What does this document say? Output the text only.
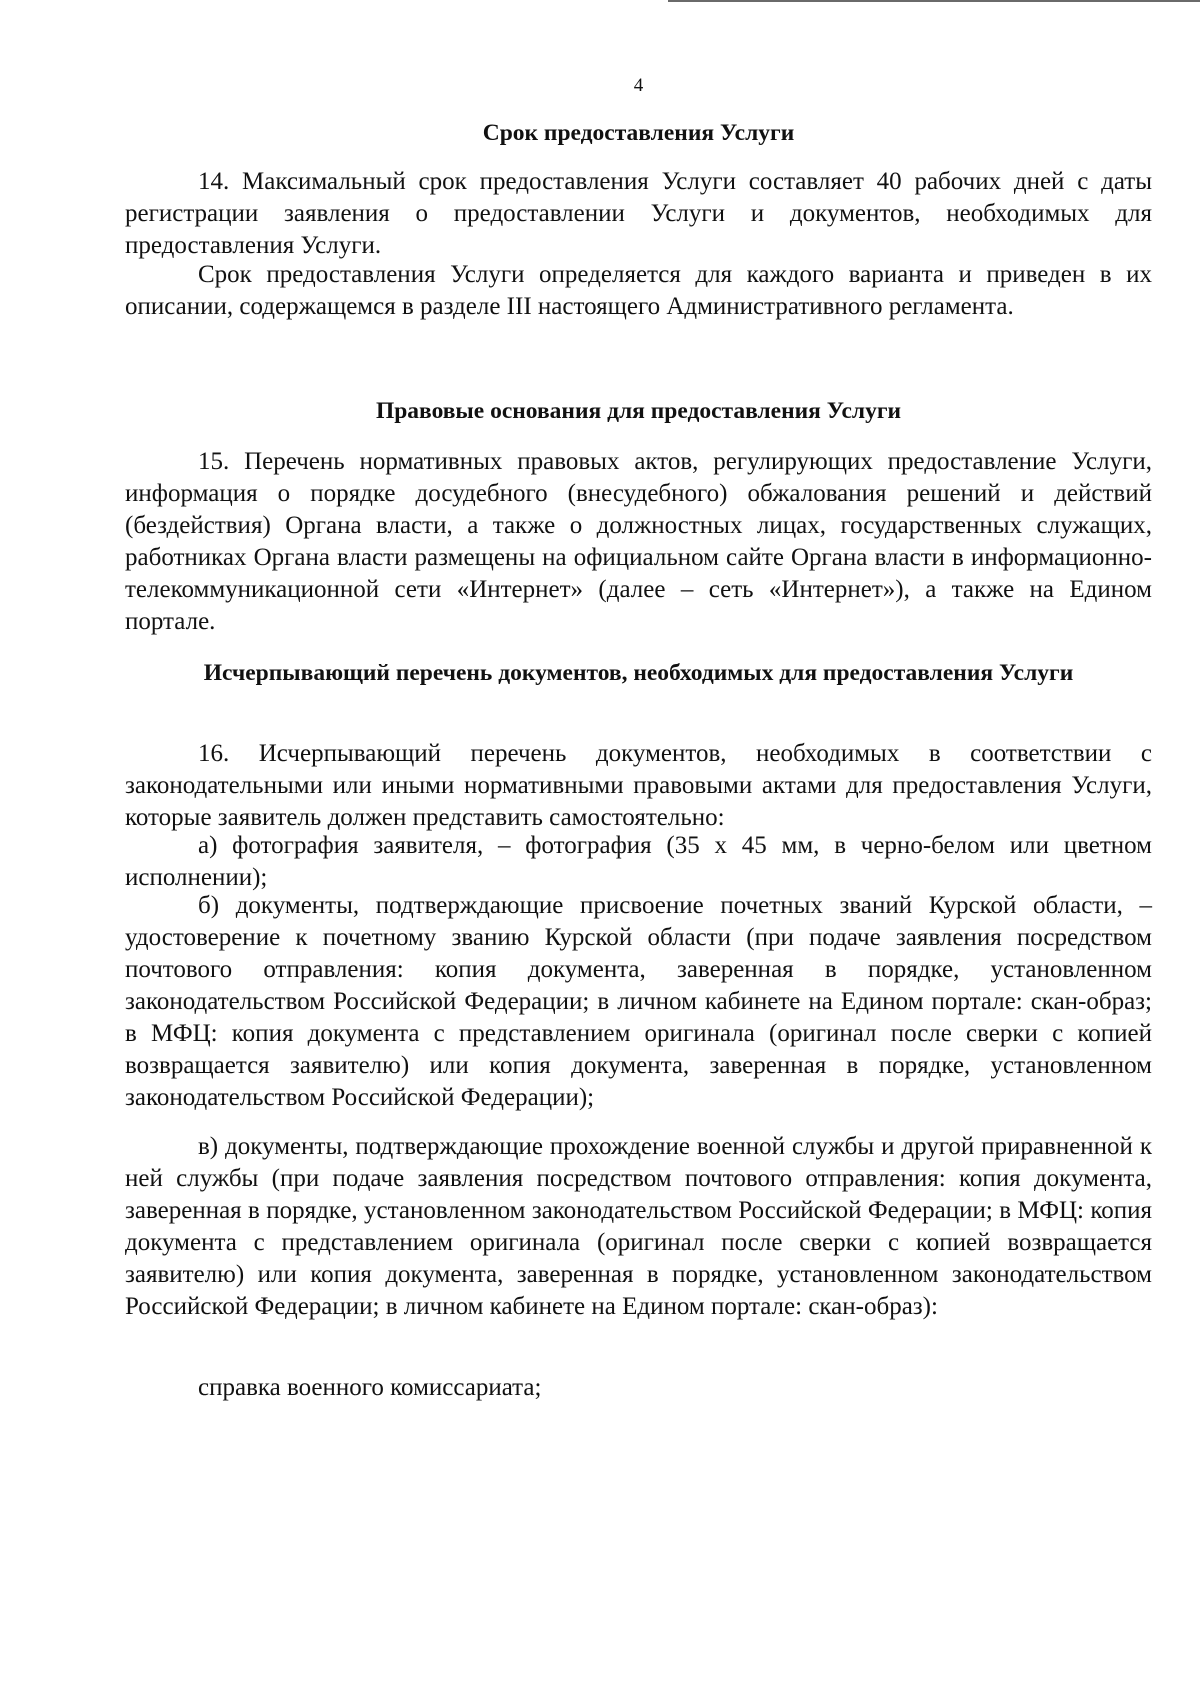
4
Срок предоставления Услуги
14. Максимальный срок предоставления Услуги составляет 40 рабочих дней с даты регистрации заявления о предоставлении Услуги и документов, необходимых для предоставления Услуги.
Срок предоставления Услуги определяется для каждого варианта и приведен в их описании, содержащемся в разделе III настоящего Административного регламента.
Правовые основания для предоставления Услуги
15. Перечень нормативных правовых актов, регулирующих предоставление Услуги, информация о порядке досудебного (внесудебного) обжалования решений и действий (бездействия) Органа власти, а также о должностных лицах, государственных служащих, работниках Органа власти размещены на официальном сайте Органа власти в информационно-телекоммуникационной сети «Интернет» (далее – сеть «Интернет»), а также на Едином портале.
Исчерпывающий перечень документов, необходимых для предоставления Услуги
16. Исчерпывающий перечень документов, необходимых в соответствии с законодательными или иными нормативными правовыми актами для предоставления Услуги, которые заявитель должен представить самостоятельно:
а) фотография заявителя, – фотография (35 x 45 мм, в черно-белом или цветном исполнении);
б) документы, подтверждающие присвоение почетных званий Курской области, – удостоверение к почетному званию Курской области (при подаче заявления посредством почтового отправления: копия документа, заверенная в порядке, установленном законодательством Российской Федерации; в личном кабинете на Едином портале: скан-образ; в МФЦ: копия документа с представлением оригинала (оригинал после сверки с копией возвращается заявителю) или копия документа, заверенная в порядке, установленном законодательством Российской Федерации);
в) документы, подтверждающие прохождение военной службы и другой приравненной к ней службы (при подаче заявления посредством почтового отправления: копия документа, заверенная в порядке, установленном законодательством Российской Федерации; в МФЦ: копия документа с представлением оригинала (оригинал после сверки с копией возвращается заявителю) или копия документа, заверенная в порядке, установленном законодательством Российской Федерации; в личном кабинете на Едином портале: скан-образ):
справка военного комиссариата;
